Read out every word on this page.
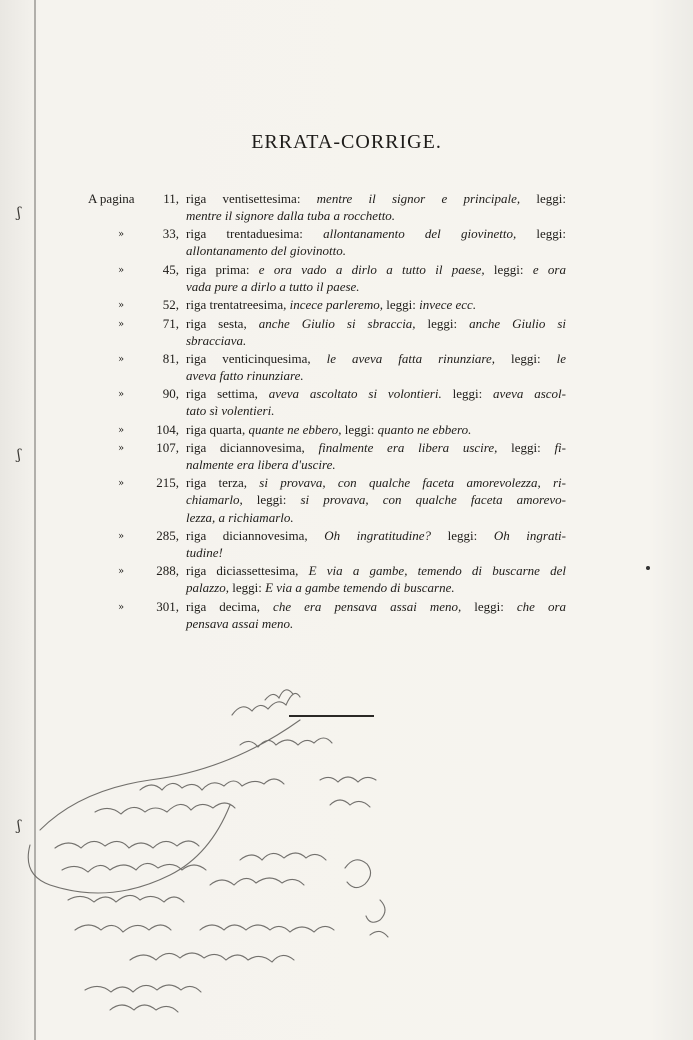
ʃ
ʃ
ʃ
ERRATA-CORRIGE.
A pagina	11, riga ventisettesima: mentre il signor e principale, leggi:
mentre il signore dalla tuba a rocchetto.
»	33, riga trentaduesima: allontanamento del giovinetto, leggi:
allontanamento del giovinotto.
»	45, riga prima: e ora vado a dirlo a tutto il paese, leggi: e ora
vada pure a dirlo a tutto il paese.
»	52, riga trentatreesima, incece parleremo, leggi: invece ecc.
»	71, riga sesta, anche Giulio si sbraccia, leggi: anche Giulio si
sbracciava.
»	81, riga venticinquesima, le aveva fatta rinunziare, leggi: le
aveva fatto rinunziare.
»	90, riga settima, aveva ascoltato si volontieri. leggi: aveva ascol-
tato sì volentieri.
»	104, riga quarta, quante ne ebbero, leggi: quanto ne ebbero.
»	107, riga diciannovesima, finalmente era libera uscire, leggi: fi-
nalmente era libera d'uscire.
»	215, riga terza, si provava, con qualche faceta amorevolezza, ri-
chiamarlo, leggi: si provava, con qualche faceta amorevo-
lezza, a richiamarlo.
»	285, riga diciannovesima, Oh ingratitudine? leggi: Oh ingrati-
tudine!
»	288, riga diciassettesima, E via a gambe, temendo di buscarne del
palazzo, leggi: E via a gambe temendo di buscarne.
»	301, riga decima, che era pensava assai meno, leggi: che ora
pensava assai meno.
